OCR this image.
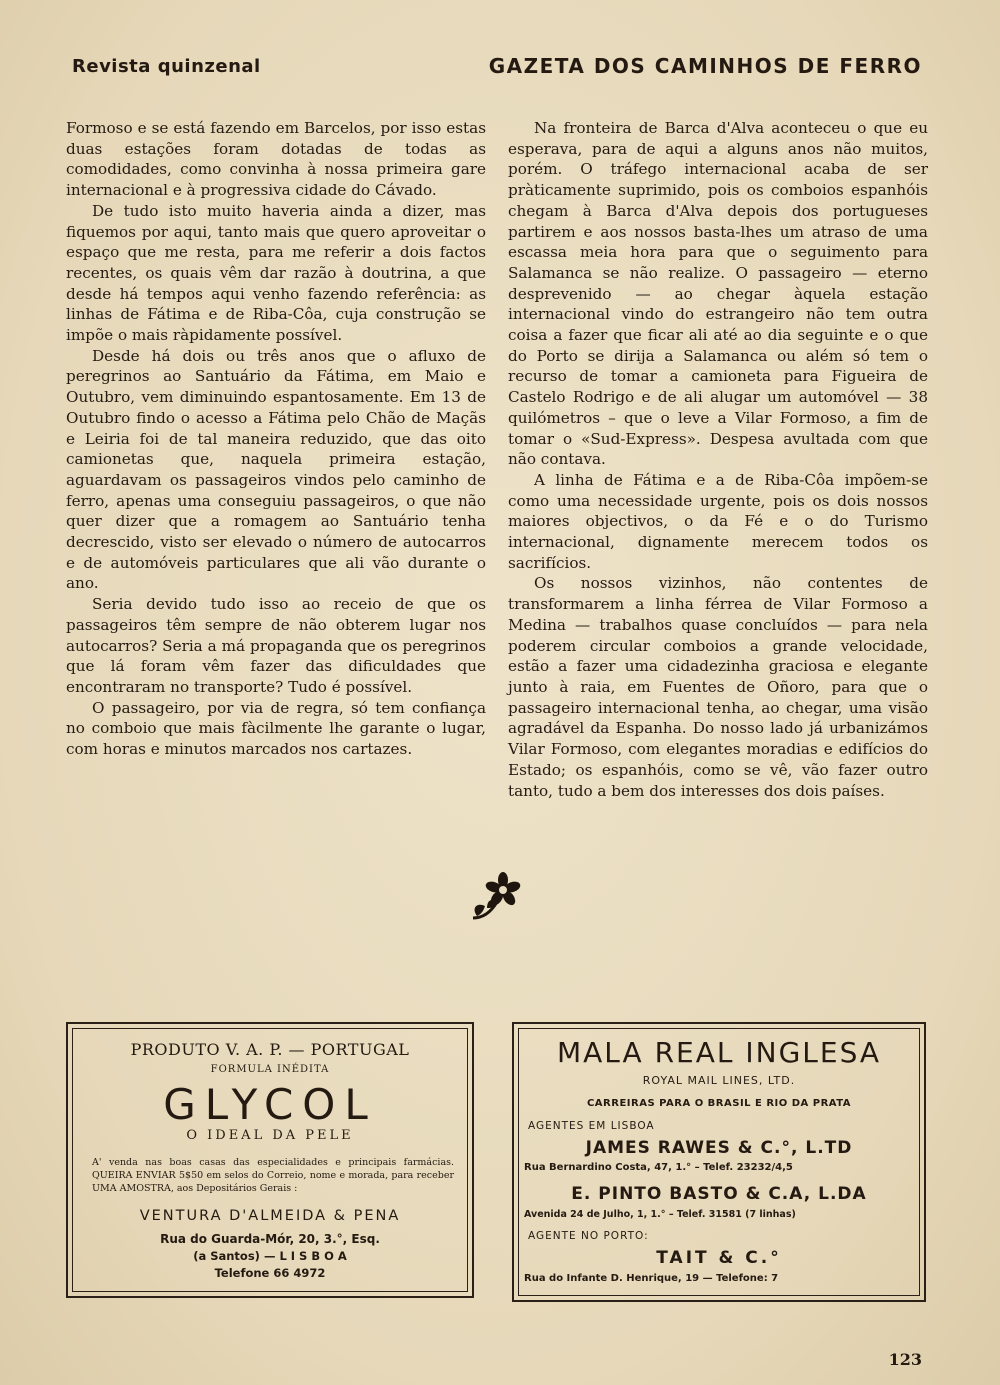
Revista quinzenal	GAZETA DOS CAMINHOS DE FERRO

Formoso e se está fazendo em Barcelos, por isso estas duas estações foram dotadas de todas as comodidades, como convinha à nossa primeira gare internacional e à progressiva cidade do Cávado.

De tudo isto muito haveria ainda a dizer, mas fiquemos por aqui, tanto mais que quero aproveitar o espaço que me resta, para me referir a dois factos recentes, os quais vêm dar razão à doutrina, a que desde há tempos aqui venho fazendo referência: as linhas de Fátima e de Riba-Côa, cuja construção se impõe o mais ràpidamente possível.

Desde há dois ou três anos que o afluxo de peregrinos ao Santuário da Fátima, em Maio e Outubro, vem diminuindo espantosamente. Em 13 de Outubro findo o acesso a Fátima pelo Chão de Maçãs e Leiria foi de tal maneira reduzido, que das oito camionetas que, naquela primeira estação, aguardavam os passageiros vindos pelo caminho de ferro, apenas uma conseguiu passageiros, o que não quer dizer que a romagem ao Santuário tenha decrescido, visto ser elevado o número de autocarros e de automóveis particulares que ali vão durante o ano.

Seria devido tudo isso ao receio de que os passageiros têm sempre de não obterem lugar nos autocarros? Seria a má propaganda que os peregrinos que lá foram vêm fazer das dificuldades que encontraram no transporte? Tudo é possível.

O passageiro, por via de regra, só tem confiança no comboio que mais fàcilmente lhe garante o lugar, com horas e minutos marcados nos cartazes.

Na fronteira de Barca d'Alva aconteceu o que eu esperava, para de aqui a alguns anos não muitos, porém. O tráfego internacional acaba de ser pràticamente suprimido, pois os comboios espanhóis chegam à Barca d'Alva depois dos portugueses partirem e aos nossos basta-lhes um atraso de uma escassa meia hora para que o seguimento para Salamanca se não realize. O passageiro — eterno desprevenido — ao chegar àquela estação internacional vindo do estrangeiro não tem outra coisa a fazer que ficar ali até ao dia seguinte e o que do Porto se dirija a Salamanca ou além só tem o recurso de tomar a camioneta para Figueira de Castelo Rodrigo e de ali alugar um automóvel — 38 quilómetros – que o leve a Vilar Formoso, a fim de tomar o «Sud-Express». Despesa avultada com que não contava.

A linha de Fátima e a de Riba-Côa impõem-se como uma necessidade urgente, pois os dois nossos maiores objectivos, o da Fé e o do Turismo internacional, dignamente merecem todos os sacrifícios.

Os nossos vizinhos, não contentes de transformarem a linha férrea de Vilar Formoso a Medina — trabalhos quase concluídos — para nela poderem circular comboios a grande velocidade, estão a fazer uma cidadezinha graciosa e elegante junto à raia, em Fuentes de Oñoro, para que o passageiro internacional tenha, ao chegar, uma visão agradável da Espanha. Do nosso lado já urbanizámos Vilar Formoso, com elegantes moradias e edifícios do Estado; os espanhóis, como se vê, vão fazer outro tanto, tudo a bem dos interesses dos dois países.

PRODUTO V. A. P. — PORTUGAL
FORMULA INÉDITA
GLYCOL
O IDEAL DA PELE
A' venda nas boas casas das especialidades e principais farmácias. QUEIRA ENVIAR 5$50 em selos do Correio, nome e morada, para receber UMA AMOSTRA, aos Depositários Gerais :
VENTURA D'ALMEIDA & PENA
Rua do Guarda-Mór, 20, 3.°, Esq.
(a Santos) — L I S B O A
Telefone 66 4972
MALA REAL INGLESA
ROYAL MAIL LINES, LTD.
CARREIRAS PARA O BRASIL E RIO DA PRATA
AGENTES EM LISBOA
JAMES RAWES & C.°, L.TD
Rua Bernardino Costa, 47, 1.° – Telef. 23232/4,5
E. PINTO BASTO & C.A, L.DA
Avenida 24 de Julho, 1, 1.° – Telef. 31581 (7 linhas)
AGENTE NO PORTO:
TAIT & C.°
Rua do Infante D. Henrique, 19 — Telefone: 7
123
